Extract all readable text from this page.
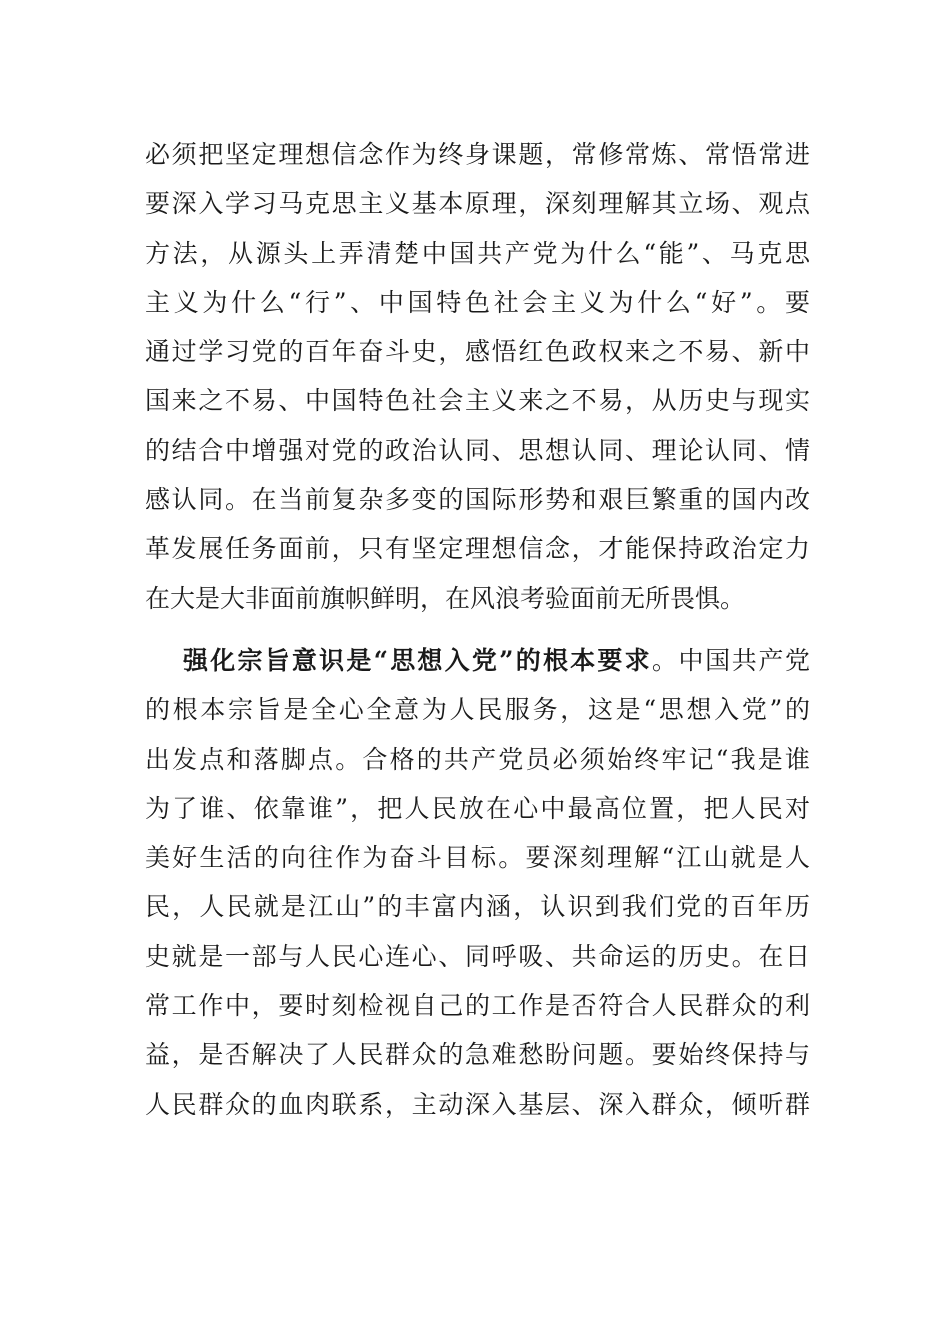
必须把坚定理想信念作为终身课题，常修常炼、常悟常进
要深入学习马克思主义基本原理，深刻理解其立场、观点
方法，从源头上弄清楚中国共产党为什么“能”、马克思
主义为什么“行”、中国特色社会主义为什么“好”。要
通过学习党的百年奋斗史，感悟红色政权来之不易、新中
国来之不易、中国特色社会主义来之不易，从历史与现实
的结合中增强对党的政治认同、思想认同、理论认同、情
感认同。在当前复杂多变的国际形势和艰巨繁重的国内改
革发展任务面前，只有坚定理想信念，才能保持政治定力
在大是大非面前旗帜鲜明，在风浪考验面前无所畏惧。
强化宗旨意识是“思想入党”的根本要求。中国共产党
的根本宗旨是全心全意为人民服务，这是“思想入党”的
出发点和落脚点。合格的共产党员必须始终牢记“我是谁
为了谁、依靠谁”，把人民放在心中最高位置，把人民对
美好生活的向往作为奋斗目标。要深刻理解“江山就是人
民，人民就是江山”的丰富内涵，认识到我们党的百年历
史就是一部与人民心连心、同呼吸、共命运的历史。在日
常工作中，要时刻检视自己的工作是否符合人民群众的利
益，是否解决了人民群众的急难愁盼问题。要始终保持与
人民群众的血肉联系，主动深入基层、深入群众，倾听群
